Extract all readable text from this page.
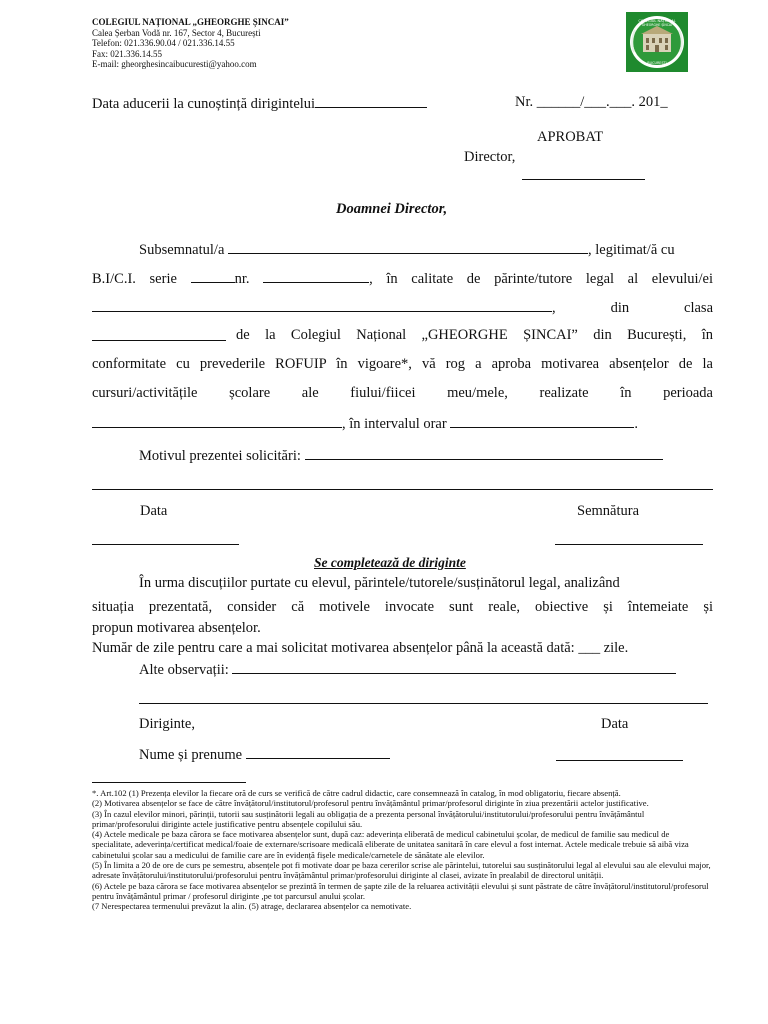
COLEGIUL NAȚIONAL „GHEORGHE ȘINCAI”
Calea Șerban Vodă nr. 167, Sector 4, București
Telefon: 021.336.90.04 / 021.336.14.55
Fax: 021.336.14.55
E-mail: gheorghesincaibucuresti@yahoo.com
COLEGIUL NAȚIONAL
GHEORGHE ȘINCAI
BUCUREȘTI
Data aducerii la cunoștință dirigintelui	Nr. ______/___.___. 201_
APROBAT
Director,
Doamnei Director,
Subsemnatul/a	, legitimat/ă cu
B.I/C.I. serie	nr.	, în calitate de părinte/tutore legal al elevului/ei
,	din	clasa
de la Colegiul Național „GHEORGHE ȘINCAI” din București, în
conformitate cu prevederile ROFUIP în vigoare*, vă rog a aproba motivarea absențelor de la
cursuri/activitățile școlare ale fiului/fiicei meu/mele, realizate în perioada
, în intervalul orar	.
Motivul prezentei solicitări:
Data	Semnătura
Se completează de diriginte
În urma discuțiilor purtate cu elevul, părintele/tutorele/susținătorul legal, analizând
situația prezentată, consider că motivele invocate sunt reale, obiective și întemeiate și
propun motivarea absențelor.
Număr de zile pentru care a mai solicitat motivarea absențelor până la această dată: ___ zile.
Alte observații:
Diriginte,	Data
Nume și prenume

*. Art.102 (1) Prezența elevilor la fiecare oră de curs se verifică de către cadrul didactic, care consemnează în catalog, în mod obligatoriu, fiecare absență.

(2) Motivarea absențelor se face de către învățătorul/institutorul/profesorul pentru învățământul primar/profesorul diriginte în ziua prezentării actelor justificative.

(3) În cazul elevilor minori, părinții, tutorii sau susținătorii legali au obligația de a prezenta personal învățătorului/institutorului/profesorului pentru învățământul primar/profesorului diriginte actele justificative pentru absențele copilului său.

(4) Actele medicale pe baza cărora se face motivarea absențelor sunt, după caz: adeverința eliberată de medicul cabinetului școlar, de medicul de familie sau medicul de specialitate, adeverința/certificat medical/foaie de externare/scrisoare medicală eliberate de unitatea sanitară în care elevul a fost internat. Actele medicale trebuie să aibă viza cabinetului școlar sau a medicului de familie care are în evidență fișele medicale/carnetele de sănătate ale elevilor.

(5) În limita a 20 de ore de curs pe semestru, absențele pot fi motivate doar pe baza cererilor scrise ale părintelui, tutorelui sau susținătorului legal al elevului sau ale elevului major, adresate învățătorului/institutorului/profesorului pentru învățământul primar/profesorului diriginte al clasei, avizate în prealabil de directorul unității.

(6) Actele pe baza cărora se face motivarea absențelor se prezintă în termen de șapte zile de la reluarea activității elevului și sunt păstrate de către învățătorul/institutorul/profesorul pentru învățământul primar / profesorul diriginte ,pe tot parcursul anului școlar.

(7 Nerespectarea termenului prevăzut la alin. (5) atrage, declararea absențelor ca nemotivate.
